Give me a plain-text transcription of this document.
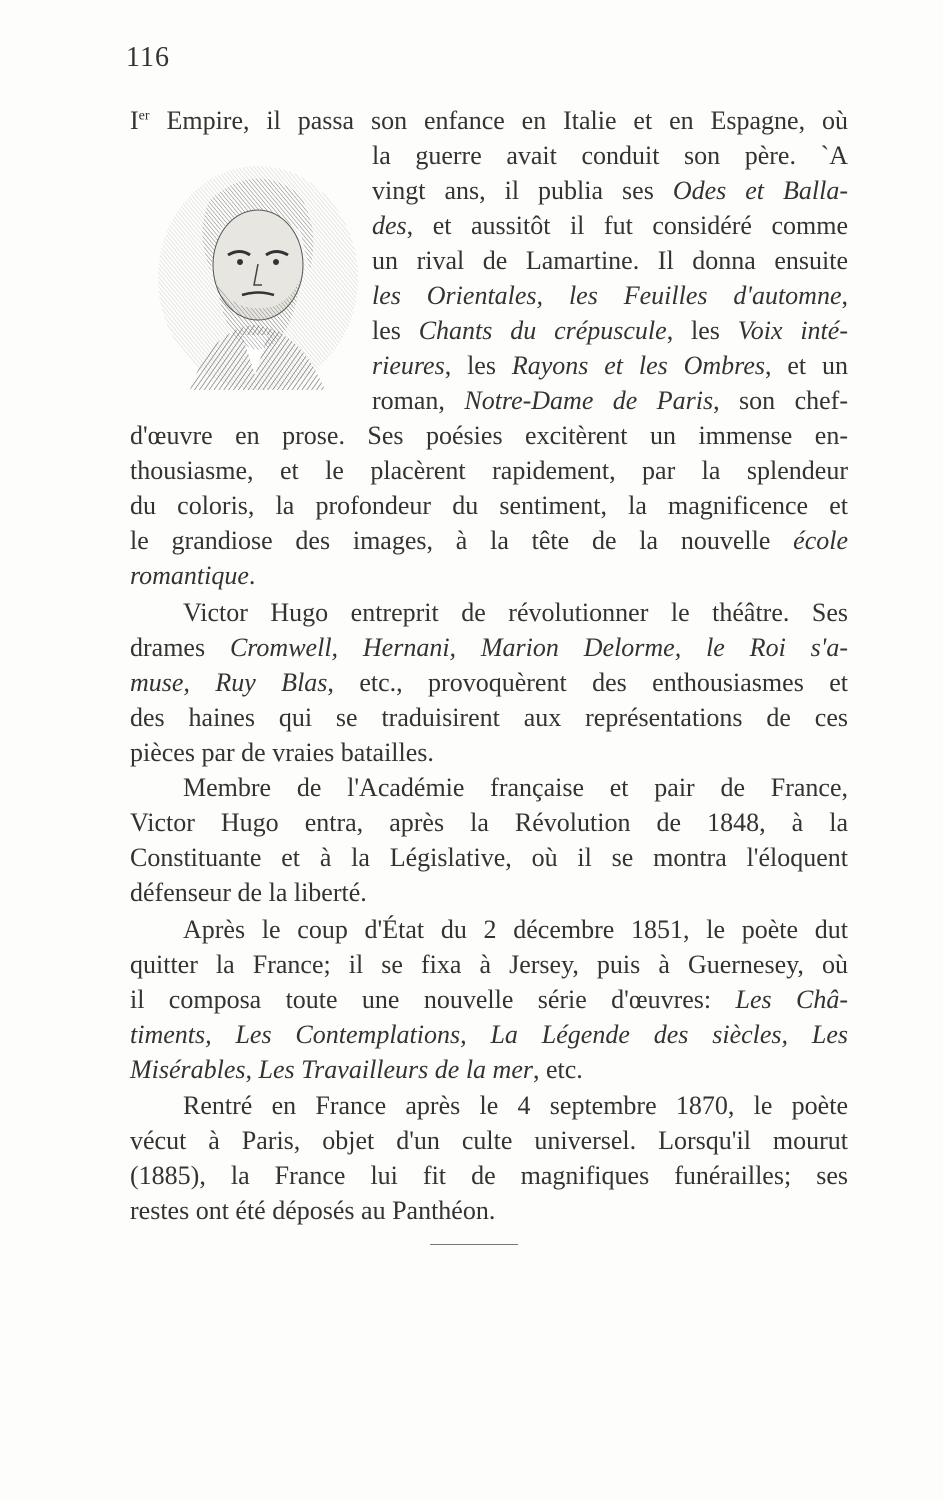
116
Ier Empire, il passa son enfance en Italie et en Espagne, où
la guerre avait conduit son père. `A
vingt ans, il publia ses Odes et Balla-
des, et aussitôt il fut considéré comme
un rival de Lamartine. Il donna ensuite
les Orientales, les Feuilles d'automne,
les Chants du crépuscule, les Voix inté-
rieures, les Rayons et les Ombres, et un
roman, Notre-Dame de Paris, son chef-
d'œuvre en prose. Ses poésies excitèrent un immense en-
thousiasme, et le placèrent rapidement, par la splendeur
du coloris, la profondeur du sentiment, la magnificence et
le grandiose des images, à la tête de la nouvelle école
romantique.
Victor Hugo entreprit de révolutionner le théâtre. Ses
drames Cromwell, Hernani, Marion Delorme, le Roi s'a-
muse, Ruy Blas, etc., provoquèrent des enthousiasmes et
des haines qui se traduisirent aux représentations de ces
pièces par de vraies batailles.
Membre de l'Académie française et pair de France,
Victor Hugo entra, après la Révolution de 1848, à la
Constituante et à la Législative, où il se montra l'éloquent
défenseur de la liberté.
Après le coup d'État du 2 décembre 1851, le poète dut
quitter la France; il se fixa à Jersey, puis à Guernesey, où
il composa toute une nouvelle série d'œuvres: Les Châ-
timents, Les Contemplations, La Légende des siècles, Les
Misérables, Les Travailleurs de la mer, etc.
Rentré en France après le 4 septembre 1870, le poète
vécut à Paris, objet d'un culte universel. Lorsqu'il mourut
(1885), la France lui fit de magnifiques funérailles; ses
restes ont été déposés au Panthéon.
